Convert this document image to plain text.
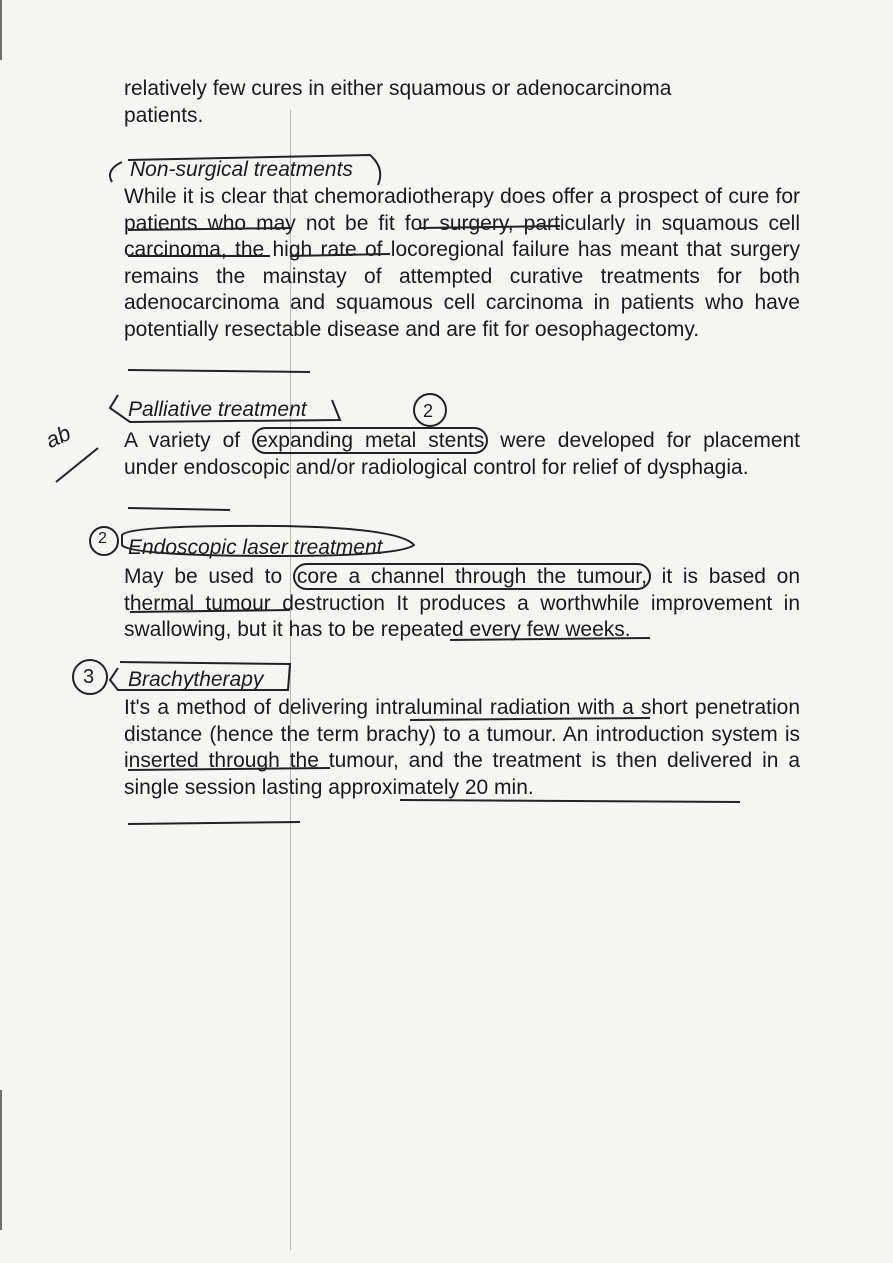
relatively few cures in either squamous or adenocarcinoma
patients.

Non-surgical treatments

While it is clear that chemoradiotherapy does offer a prospect of cure for patients who may not be fit for surgery, particularly in squamous cell carcinoma, the high rate of locoregional failure has meant that surgery remains the mainstay of attempted curative treatments for both adenocarcinoma and squamous cell carcinoma in patients who have potentially resectable disease and are fit for oesophagectomy.

Palliative treatment

A variety of expanding metal stents were developed for placement under endoscopic and/or radiological control for relief of dysphagia.

Endoscopic laser treatment

May be used to core a channel through the tumour, it is based on thermal tumour destruction It produces a worthwhile improvement in swallowing, but it has to be repeated every few weeks.

Brachytherapy

It's a method of delivering intraluminal radiation with a short penetration distance (hence the term brachy) to a tumour. An introduction system is inserted through the tumour, and the treatment is then delivered in a single session lasting approximately 20 min.

2
2
3
ab
